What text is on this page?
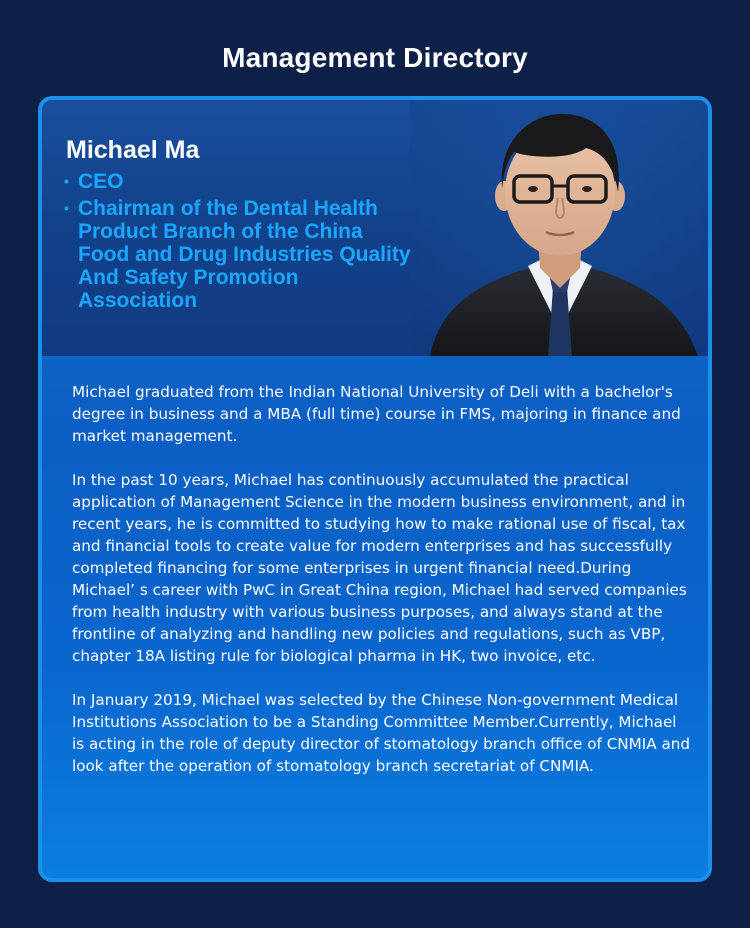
Management Directory
Michael Ma
• CEO
• Chairman of the Dental Health Product Branch of the China Food and Drug Industries Quality And Safety Promotion Association

Michael graduated from the Indian National University of Deli with a bachelor's degree in business and a MBA (full time) course in FMS, majoring in finance and market management.

In the past 10 years, Michael has continuously accumulated the practical application of Management Science in the modern business environment, and in recent years, he is committed to studying how to make rational use of fiscal, tax and financial tools to create value for modern enterprises and has successfully completed financing for some enterprises in urgent financial need.During Michael’ s career with PwC in Great China region, Michael had served companies from health industry with various business purposes, and always stand at the frontline of analyzing and handling new policies and regulations, such as VBP, chapter 18A listing rule for biological pharma in HK, two invoice, etc.

In January 2019, Michael was selected by the Chinese Non-government Medical Institutions Association to be a Standing Committee Member.Currently, Michael is acting in the role of deputy director of stomatology branch office of CNMIA and look after the operation of stomatology branch secretariat of CNMIA.
